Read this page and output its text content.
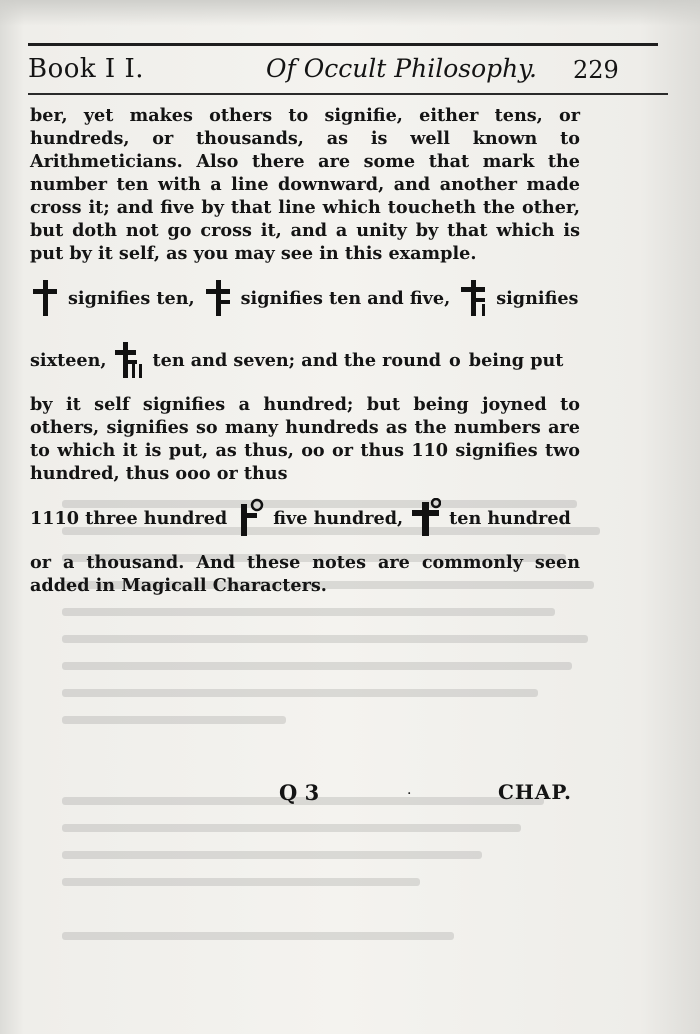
Book I I.	Of Occult Philosophy. 229

ber, yet makes others to signifie, either tens, or hundreds, or thousands, as is well known to Arithmeticians. Also there are some that mark the number ten with a line downward, and another made cross it; and five by that line which toucheth the other, but doth not go cross it, and a unity by that which is put by it self, as you may see in this example.

signifies ten,	signifies ten and five,	signifies
sixteen,	ten and seven; and the round o being put

by it self signifies a hundred; but being joyned to others, signifies so many hundreds as the numbers are to which it is put, as thus, oo or thus 110 signifies two hundred, thus ooo or thus

1110 three hundred	five hundred,	ten hundred

or a thousand. And these notes are commonly seen added in Magicall Characters.

Q 3	·	CHAP.
